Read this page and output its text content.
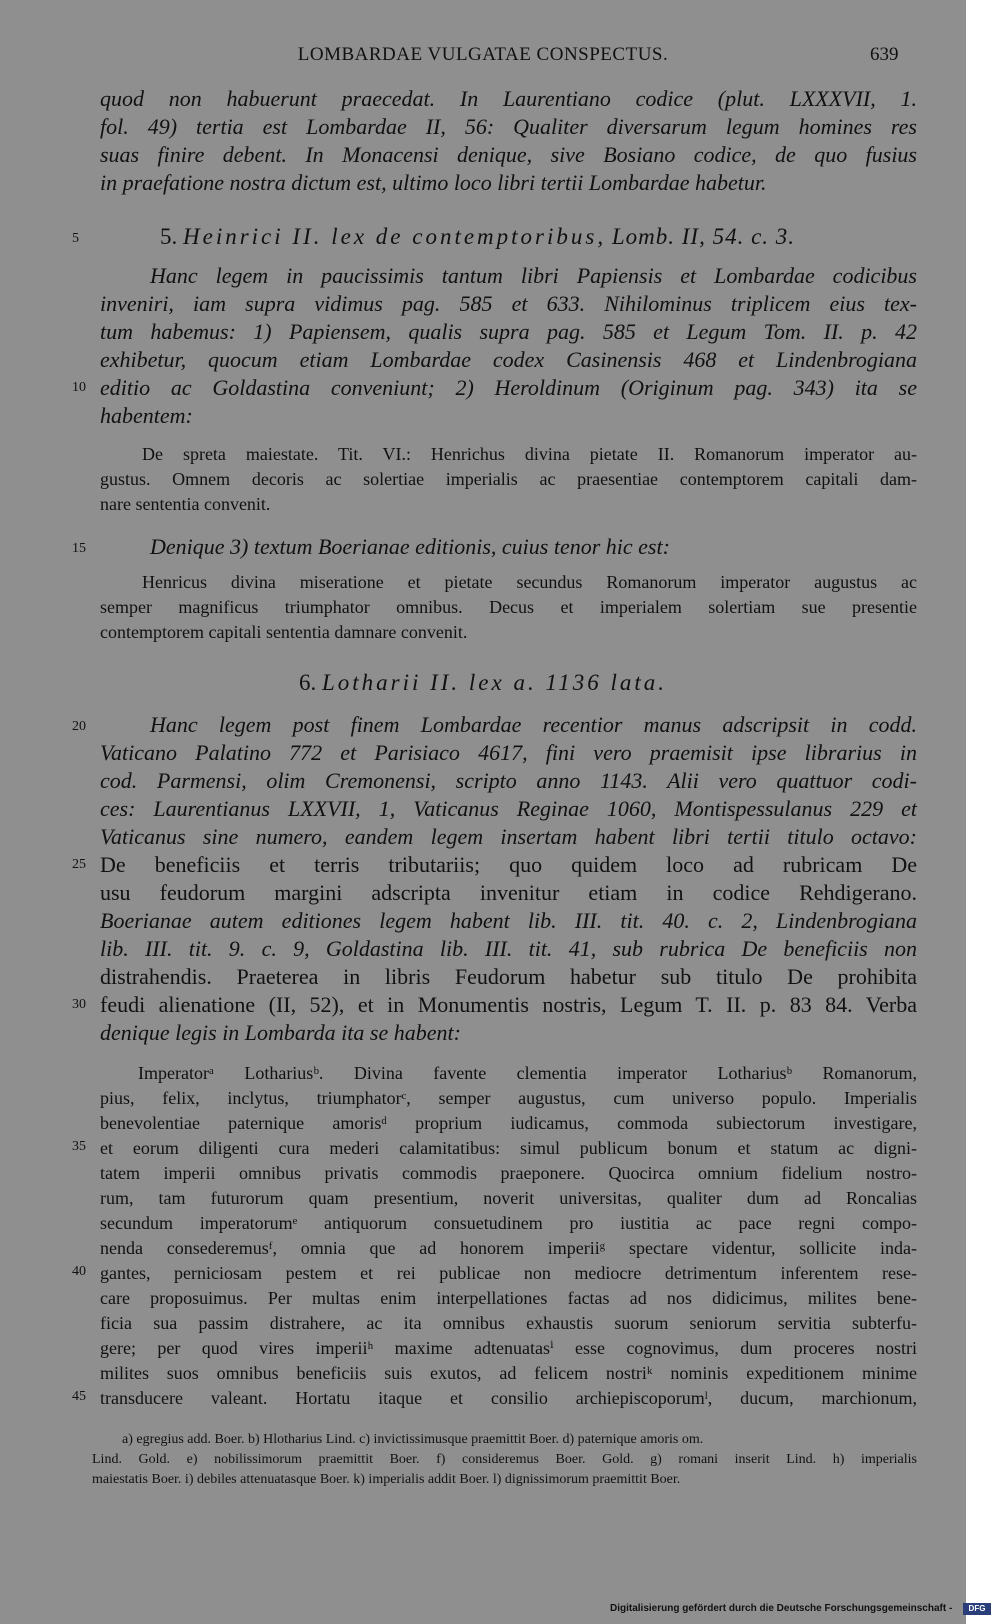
LOMBARDAE VULGATAE CONSPECTUS.	639
quod non habuerunt praecedat. In Laurentiano codice (plut. LXXXVII, 1.
fol. 49) tertia est Lombardae II, 56: Qualiter diversarum legum homines res
suas finire debent. In Monacensi denique, sive Bosiano codice, de quo fusius
in praefatione nostra dictum est, ultimo loco libri tertii Lombardae habetur.
5	5. Heinrici II. lex de contemptoribus, Lomb. II, 54. c. 3.
Hanc legem in paucissimis tantum libri Papiensis et Lombardae codicibus
inveniri, iam supra vidimus pag. 585 et 633. Nihilominus triplicem eius tex-
tum habemus: 1) Papiensem, qualis supra pag. 585 et Legum Tom. II. p. 42
exhibetur, quocum etiam Lombardae codex Casinensis 468 et Lindenbrogiana
10 editio ac Goldastina conveniunt; 2) Heroldinum (Originum pag. 343) ita se
habentem:
De spreta maiestate. Tit. VI.: Henrichus divina pietate II. Romanorum imperator au-
gustus. Omnem decoris ac solertiae imperialis ac praesentiae contemptorem capitali dam-
nare sententia convenit.
15	Denique 3) textum Boerianae editionis, cuius tenor hic est:
Henricus divina miseratione et pietate secundus Romanorum imperator augustus ac
semper magnificus triumphator omnibus. Decus et imperialem solertiam sue presentie
contemptorem capitali sententia damnare convenit.
6. Lotharii II. lex a. 1136 lata.
20	Hanc legem post finem Lombardae recentior manus adscripsit in codd.
Vaticano Palatino 772 et Parisiaco 4617, fini vero praemisit ipse librarius in
cod. Parmensi, olim Cremonensi, scripto anno 1143. Alii vero quattuor codi-
ces: Laurentianus LXXVII, 1, Vaticanus Reginae 1060, Montispessulanus 229 et
Vaticanus sine numero, eandem legem insertam habent libri tertii titulo octavo:
25 De beneficiis et terris tributariis; quo quidem loco ad rubricam De
usu feudorum margini adscripta invenitur etiam in codice Rehdigerano.
Boerianae autem editiones legem habent lib. III. tit. 40. c. 2, Lindenbrogiana
lib. III. tit. 9. c. 9, Goldastina lib. III. tit. 41, sub rubrica De beneficiis non
distrahendis. Praeterea in libris Feudorum habetur sub titulo De prohibita
30 feudi alienatione (II, 52), et in Monumentis nostris, Legum T. II. p. 83 84. Verba
denique legis in Lombarda ita se habent:
Imperatorᵃ Lothariusᵇ. Divina favente clementia imperator Lothariusᵇ Romanorum,
pius, felix, inclytus, triumphatorᶜ, semper augustus, cum universo populo. Imperialis
benevolentiae paternique amorisᵈ proprium iudicamus, commoda subiectorum investigare,
35 et eorum diligenti cura mederi calamitatibus: simul publicum bonum et statum ac digni-
tatem imperii omnibus privatis commodis praeponere. Quocirca omnium fidelium nostro-
rum, tam futurorum quam presentium, noverit universitas, qualiter dum ad Roncalias
secundum imperatorumᵉ antiquorum consuetudinem pro iustitia ac pace regni compo-
nenda consederemusᶠ, omnia que ad honorem imperiiᵍ spectare videntur, sollicite inda-
40 gantes, perniciosam pestem et rei publicae non mediocre detrimentum inferentem rese-
care proposuimus. Per multas enim interpellationes factas ad nos didicimus, milites bene-
ficia sua passim distrahere, ac ita omnibus exhaustis suorum seniorum servitia subterfu-
gere; per quod vires imperiiʰ maxime adtenuatasⁱ esse cognovimus, dum proceres nostri
milites suos omnibus beneficiis suis exutos, ad felicem nostriᵏ nominis expeditionem minime
45 transducere valeant. Hortatu itaque et consilio archiepiscoporumˡ, ducum, marchionum,
a) egregius add. Boer. b) Hlotharius Lind. c) invictissimusque praemittit Boer. d) paternique amoris om.
Lind. Gold. e) nobilissimorum praemittit Boer. f) consideremus Boer. Gold. g) romani inserit Lind. h) imperialis
maiestatis Boer. i) debiles attenuatasque Boer. k) imperialis addit Boer. l) dignissimorum praemittit Boer.
Digitalisierung gefördert durch die Deutsche Forschungsgemeinschaft -	DFG
